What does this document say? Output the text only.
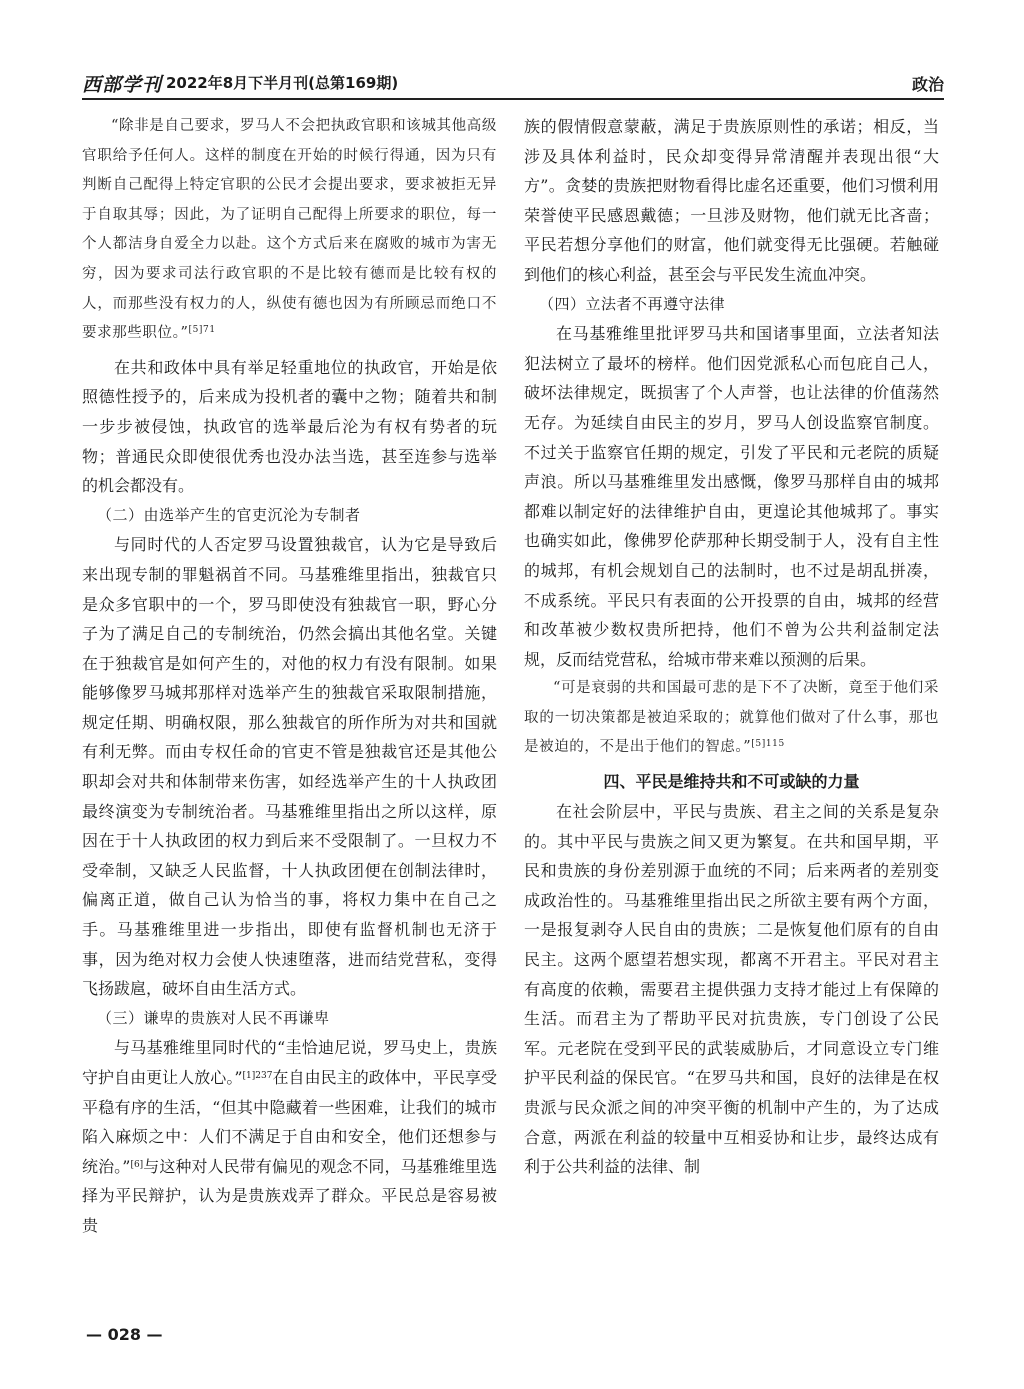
西部学刊 2022年8月下半月刊(总第169期)	政治

“除非是自己要求，罗马人不会把执政官职和该城其他高级官职给予任何人。这样的制度在开始的时候行得通，因为只有判断自己配得上特定官职的公民才会提出要求，要求被拒无异于自取其辱；因此，为了证明自己配得上所要求的职位，每一个人都洁身自爱全力以赴。这个方式后来在腐败的城市为害无穷，因为要求司法行政官职的不是比较有德而是比较有权的人，而那些没有权力的人，纵使有德也因为有所顾忌而绝口不要求那些职位。”$^{[5]71}$

在共和政体中具有举足轻重地位的执政官，开始是依照德性授予的，后来成为投机者的囊中之物；随着共和制一步步被侵蚀，执政官的选举最后沦为有权有势者的玩物；普通民众即使很优秀也没办法当选，甚至连参与选举的机会都没有。

（二）由选举产生的官吏沉沦为专制者

与同时代的人否定罗马设置独裁官，认为它是导致后来出现专制的罪魁祸首不同。马基雅维里指出，独裁官只是众多官职中的一个，罗马即使没有独裁官一职，野心分子为了满足自己的专制统治，仍然会搞出其他名堂。关键在于独裁官是如何产生的，对他的权力有没有限制。如果能够像罗马城邦那样对选举产生的独裁官采取限制措施，规定任期、明确权限，那么独裁官的所作所为对共和国就有利无弊。而由专权任命的官吏不管是独裁官还是其他公职却会对共和体制带来伤害，如经选举产生的十人执政团最终演变为专制统治者。马基雅维里指出之所以这样，原因在于十人执政团的权力到后来不受限制了。一旦权力不受牵制，又缺乏人民监督，十人执政团便在创制法律时，偏离正道，做自己认为恰当的事，将权力集中在自己之手。马基雅维里进一步指出，即使有监督机制也无济于事，因为绝对权力会使人快速堕落，进而结党营私，变得飞扬跋扈，破坏自由生活方式。

（三）谦卑的贵族对人民不再谦卑

与马基雅维里同时代的“圭恰迪尼说，罗马史上，贵族守护自由更让人放心。”$^{[1]237}$在自由民主的政体中，平民享受平稳有序的生活，“但其中隐藏着一些困难，让我们的城市陷入麻烦之中：人们不满足于自由和安全，他们还想参与统治。”[6]与这种对人民带有偏见的观念不同，马基雅维里选择为平民辩护，认为是贵族戏弄了群众。平民总是容易被贵

族的假情假意蒙蔽，满足于贵族原则性的承诺；相反，当涉及具体利益时，民众却变得异常清醒并表现出很“大方”。贪婪的贵族把财物看得比虚名还重要，他们习惯利用荣誉使平民感恩戴德；一旦涉及财物，他们就无比吝啬；平民若想分享他们的财富，他们就变得无比强硬。若触碰到他们的核心利益，甚至会与平民发生流血冲突。

（四）立法者不再遵守法律

在马基雅维里批评罗马共和国诸事里面，立法者知法犯法树立了最坏的榜样。他们因党派私心而包庇自己人，破坏法律规定，既损害了个人声誉，也让法律的价值荡然无存。为延续自由民主的岁月，罗马人创设监察官制度。不过关于监察官任期的规定，引发了平民和元老院的质疑声浪。所以马基雅维里发出感慨，像罗马那样自由的城邦都难以制定好的法律维护自由，更遑论其他城邦了。事实也确实如此，像佛罗伦萨那种长期受制于人，没有自主性的城邦，有机会规划自己的法制时，也不过是胡乱拼凑，不成系统。平民只有表面的公开投票的自由，城邦的经营和改革被少数权贵所把持，他们不曾为公共利益制定法规，反而结党营私，给城市带来难以预测的后果。

“可是衰弱的共和国最可悲的是下不了决断，竟至于他们采取的一切决策都是被迫采取的；就算他们做对了什么事，那也是被迫的，不是出于他们的智虑。”$^{[5]115}$

四、平民是维持共和不可或缺的力量

在社会阶层中，平民与贵族、君主之间的关系是复杂的。其中平民与贵族之间又更为繁复。在共和国早期，平民和贵族的身份差别源于血统的不同；后来两者的差别变成政治性的。马基雅维里指出民之所欲主要有两个方面，一是报复剥夺人民自由的贵族；二是恢复他们原有的自由民主。这两个愿望若想实现，都离不开君主。平民对君主有高度的依赖，需要君主提供强力支持才能过上有保障的生活。而君主为了帮助平民对抗贵族，专门创设了公民军。元老院在受到平民的武装威胁后，才同意设立专门维护平民利益的保民官。“在罗马共和国，良好的法律是在权贵派与民众派之间的冲突平衡的机制中产生的，为了达成合意，两派在利益的较量中互相妥协和让步，最终达成有利于公共利益的法律、制

— 028 —
